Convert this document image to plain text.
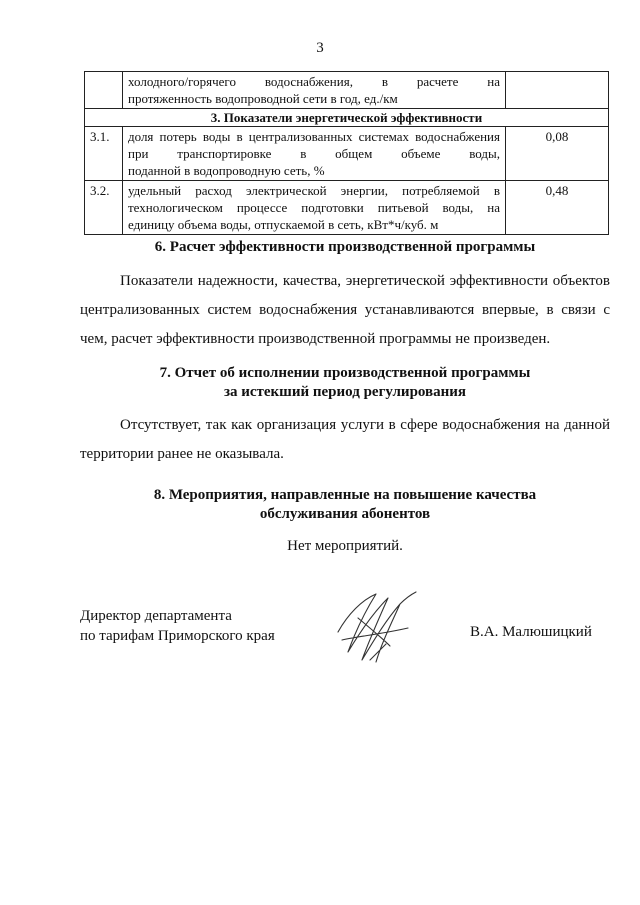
3
	холодного/горячего водоснабжения, в расчете на
протяженность водопроводной сети в год, ед./км	

3. Показатели энергетической эффективности		
3.1.	доля потерь воды в централизованных системах водоснабжения при транспортировке в общем объеме воды,
поданной в водопроводную сеть, %	0,08
3.2.	удельный расход электрической энергии, потребляемой в технологическом процессе подготовки питьевой воды, на
единицу объема воды, отпускаемой в сеть, кВт*ч/куб. м	0,48
6. Расчет эффективности производственной программы
Показатели надежности, качества, энергетической эффективности объектов централизованных систем водоснабжения устанавливаются впервые, в связи с чем, расчет эффективности производственной программы не произведен.
7. Отчет об исполнении производственной программы
за истекший период регулирования
Отсутствует, так как организация услуги в сфере водоснабжения на данной территории ранее не оказывала.
8. Мероприятия, направленные на повышение качества
обслуживания абонентов
Нет мероприятий.
Директор департамента
по тарифам Приморского края	В.А. Малюшицкий
